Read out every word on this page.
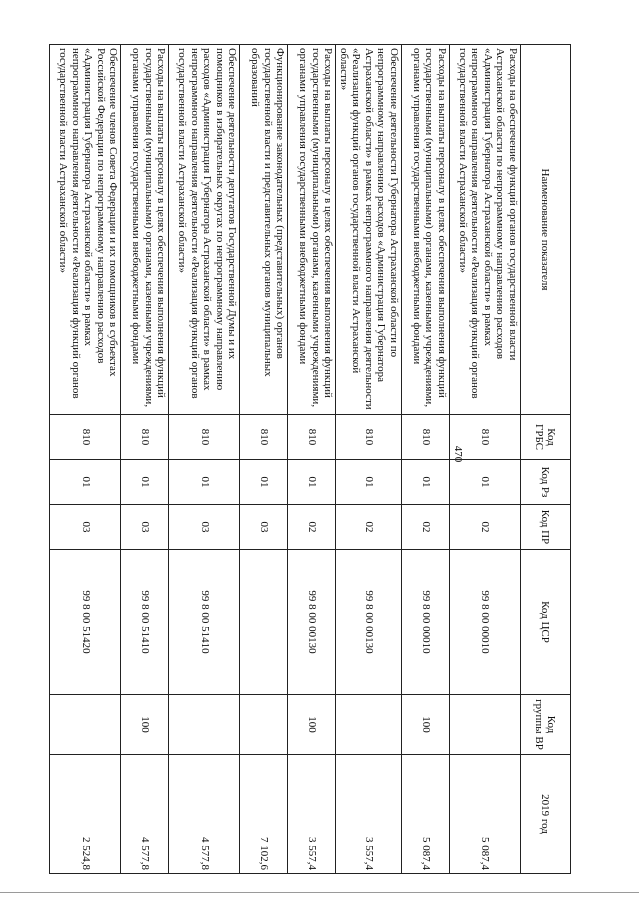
470
Наименование показателя	Код ГРБС	Код Рз	Код ПР	Код ЦСР	Код группы ВР	2019 год
Расходы на обеспечение функций органов государственной власти Астраханской области по непрограммному направлению расходов «Администрация Губернатора Астраханской области» в рамках непрограммного направления деятельности «Реализация функций органов государственной власти Астраханской области»	810	01	02	99 8 00 00010		5 087,4
Расходы на выплаты персоналу в целях обеспечения выполнения функций государственными (муниципальными) органами, казенными учреждениями, органами управления государственными внебюджетными фондами	810	01	02	99 8 00 00010	100	5 087,4
Обеспечение деятельности Губернатора Астраханской области по непрограммному направлению расходов «Администрация Губернатора Астраханской области» в рамках непрограммного направления деятельности «Реализация функций органов государственной власти Астраханской области»	810	01	02	99 8 00 00130		3 557,4
Расходы на выплаты персоналу в целях обеспечения выполнения функций государственными (муниципальными) органами, казенными учреждениями, органами управления государственными внебюджетными фондами	810	01	02	99 8 00 00130	100	3 557,4
Функционирование законодательных (представительных) органов государственной власти и представительных органов муниципальных образований	810	01	03			7 102,6
Обеспечение деятельности депутатов Государственной Думы и их помощников в избирательных округах по непрограммному направлению расходов «Администрация Губернатора Астраханской области» в рамках непрограммного направления деятельности «Реализация функций органов государственной власти Астраханской области»	810	01	03	99 8 00 51410		4 577,8
Расходы на выплаты персоналу в целях обеспечения выполнения функций государственными (муниципальными) органами, казенными учреждениями, органами управления государственными внебюджетными фондами	810	01	03	99 8 00 51410	100	4 577,8
Обеспечение членов Совета Федерации и их помощников в субъектах Российской Федерации по непрограммному направлению расходов «Администрация Губернатора Астраханской области» в рамках непрограммного направления деятельности «Реализация функций органов государственной власти Астраханской области»	810	01	03	99 8 00 51420		2 524,8
